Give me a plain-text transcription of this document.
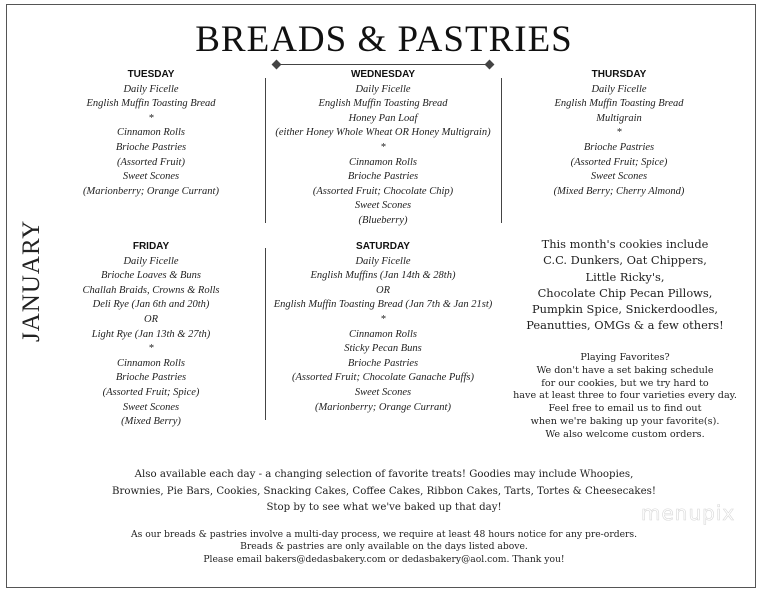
BREADS & PASTRIES
JANUARY
TUESDAY
Daily Ficelle
English Muffin Toasting Bread
*
Cinnamon Rolls
Brioche Pastries
(Assorted Fruit)
Sweet Scones
(Marionberry; Orange Currant)
WEDNESDAY
Daily Ficelle
English Muffin Toasting Bread
Honey Pan Loaf
(either Honey Whole Wheat OR Honey Multigrain)
*
Cinnamon Rolls
Brioche Pastries
(Assorted Fruit; Chocolate Chip)
Sweet Scones
(Blueberry)
THURSDAY
Daily Ficelle
English Muffin Toasting Bread
Multigrain
*
Brioche Pastries
(Assorted Fruit; Spice)
Sweet Scones
(Mixed Berry; Cherry Almond)
FRIDAY
Daily Ficelle
Brioche Loaves & Buns
Challah Braids, Crowns & Rolls
Deli Rye (Jan 6th and 20th)
OR
Light Rye (Jan 13th & 27th)
*
Cinnamon Rolls
Brioche Pastries
(Assorted Fruit; Spice)
Sweet Scones
(Mixed Berry)
SATURDAY
Daily Ficelle
English Muffins (Jan 14th & 28th)
OR
English Muffin Toasting Bread (Jan 7th & Jan 21st)
*
Cinnamon Rolls
Sticky Pecan Buns
Brioche Pastries
(Assorted Fruit; Chocolate Ganache Puffs)
Sweet Scones
(Marionberry; Orange Currant)
This month's cookies include
C.C. Dunkers, Oat Chippers,
Little Ricky's,
Chocolate Chip Pecan Pillows,
Pumpkin Spice, Snickerdoodles,
Peanutties, OMGs & a few others!
Playing Favorites?
We don't have a set baking schedule
for our cookies, but we try hard to
have at least three to four varieties every day.
Feel free to email us to find out
when we're baking up your favorite(s).
We also welcome custom orders.
Also available each day - a changing selection of favorite treats! Goodies may include Whoopies,
Brownies, Pie Bars, Cookies, Snacking Cakes, Coffee Cakes, Ribbon Cakes, Tarts, Tortes & Cheesecakes!
Stop by to see what we've baked up that day!
As our breads & pastries involve a multi-day process, we require at least 48 hours notice for any pre-orders.
Breads & pastries are only available on the days listed above.
Please email bakers@dedasbakery.com or dedasbakery@aol.com. Thank you!
menupix
